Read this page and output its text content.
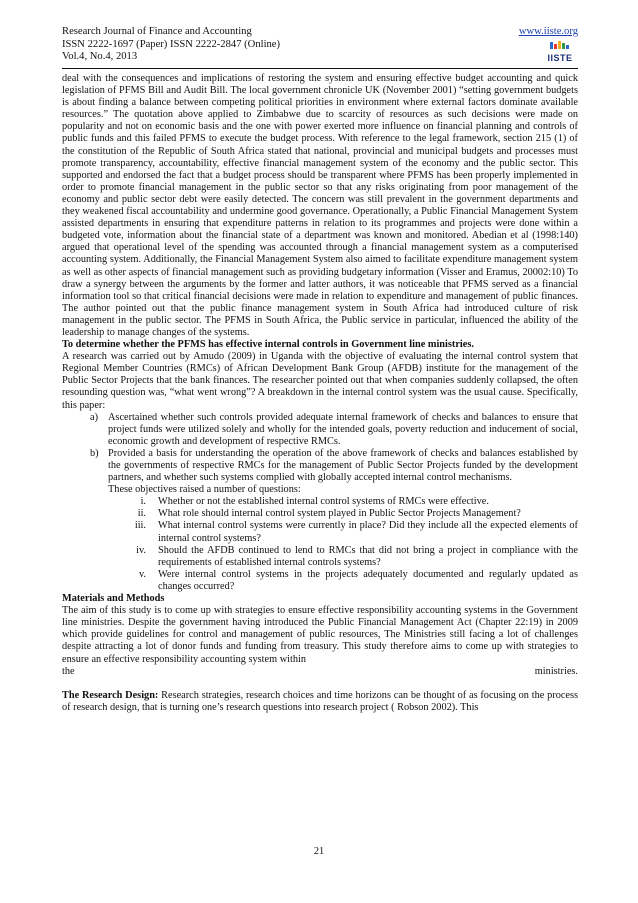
Research Journal of Finance and Accounting
ISSN 2222-1697 (Paper) ISSN 2222-2847 (Online)
Vol.4, No.4, 2013
www.iiste.org
IISTE

deal with the consequences and implications of restoring the system and ensuring effective budget accounting and quick legislation of PFMS Bill and Audit Bill. The local government chronicle UK (November 2001) “setting government budgets is about finding a balance between competing political priorities in environment where external factors dominate available resources.” The quotation above applied to Zimbabwe due to scarcity of resources as such decisions were made on popularity and not on economic basis and the one with power exerted more influence on financial planning and controls of public funds and this failed PFMS to execute the budget process. With reference to the legal framework, section 215 (1) of the constitution of the Republic of South Africa stated that national, provincial and municipal budgets and processes must promote transparency, accountability, effective financial management system of the economy and the public sector. This supported and endorsed the fact that a budget process should be transparent where PFMS has been properly implemented in order to promote financial management in the public sector so that any risks originating from poor management of the economy and public sector debt were easily detected. The concern was still prevalent in the government departments and they weakened fiscal accountability and undermine good governance. Operationally, a Public Financial Management System assisted departments in ensuring that expenditure patterns in relation to its programmes and projects were done within a budgeted vote, information about the financial state of a department was known and monitored. Abedian et al (1998:140) argued that operational level of the spending was accounted through a financial management system as a computerised accounting system. Additionally, the Financial Management System also aimed to facilitate expenditure management system as well as other aspects of financial management such as providing budgetary information (Visser and Eramus, 20002:10) To draw a synergy between the arguments by the former and latter authors, it was noticeable that PFMS served as a financial information tool so that critical financial decisions were made in relation to expenditure and management of public finances. The author pointed out that the public finance management system in South Africa had introduced culture of risk management in the public sector. The PFMS in South Africa, the Public service in particular, influenced the ability of the leadership to manage changes of the systems.

To determine whether the PFMS has effective internal controls in Government line ministries.

A research was carried out by Amudo (2009) in Uganda with the objective of evaluating the internal control system that Regional Member Countries (RMCs) of African Development Bank Group (AFDB) institute for the management of the Public Sector Projects that the bank finances. The researcher pointed out that when companies suddenly collapsed, the often resounding question was, “what went wrong”? A breakdown in the internal control system was the usual cause. Specifically, this paper:

a) Ascertained whether such controls provided adequate internal framework of checks and balances to ensure that project funds were utilized solely and wholly for the intended goals, poverty reduction and inducement of social, economic growth and development of respective RMCs.

b) Provided a basis for understanding the operation of the above framework of checks and balances established by the governments of respective RMCs for the management of Public Sector Projects funded by the development partners, and whether such systems complied with globally accepted internal control mechanisms.

These objectives raised a number of questions:

i. Whether or not the established internal control systems of RMCs were effective.

ii. What role should internal control system played in Public Sector Projects Management?

iii. What internal control systems were currently in place? Did they include all the expected elements of internal control systems?

iv. Should the AFDB continued to lend to RMCs that did not bring a project in compliance with the requirements of established internal controls systems?

v. Were internal control systems in the projects adequately documented and regularly updated as changes occurred?

Materials and Methods

The aim of this study is to come up with strategies to ensure effective responsibility accounting systems in the Government line ministries. Despite the government having introduced the Public Financial Management Act (Chapter 22:19) in 2009 which provide guidelines for control and management of public resources, The Ministries still facing a lot of challenges despite attracting a lot of donor funds and funding from treasury. This study therefore aims to come up with strategies to ensure an effective responsibility accounting system within

the	ministries.

The Research Design: Research strategies, research choices and time horizons can be thought of as focusing on the process of research design, that is turning one’s research questions into research project ( Robson 2002). This

21
